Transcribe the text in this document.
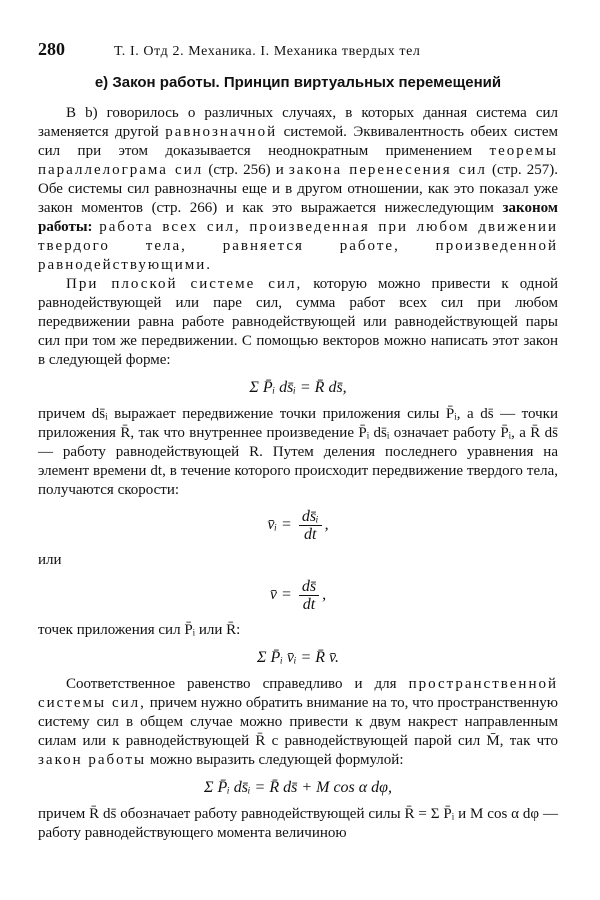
280	Т. I. Отд 2. Механика. I. Механика твердых тел
е) Закон работы. Принцип виртуальных перемещений

В b) говорилось о различных случаях, в которых данная система сил заменяется другой равнозначной системой. Эквивалентность обеих систем сил при этом доказывается неоднократным применением теоремы параллелограма сил (стр. 256) и закона перенесения сил (стр. 257). Обе системы сил равнозначны еще и в другом отношении, как это показал уже закон моментов (стр. 266) и как это выражается нижеследующим законом работы: работа всех сил, произведенная при любом движении твердого тела, равняется работе, произведенной равнодействующими.

При плоской системе сил, которую можно привести к одной равнодействующей или паре сил, сумма работ всех сил при любом передвижении равна работе равнодействующей или равнодействующей пары сил при том же передвижении. С помощью векторов можно написать этот закон в следующей форме:

Σ P̄ᵢ ds̄ᵢ = R̄ ds̄,

причем ds̄ᵢ выражает передвижение точки приложения силы P̄ᵢ, а ds̄ — точки приложения R̄, так что внутреннее произведение P̄ᵢ ds̄ᵢ означает работу P̄ᵢ, а R̄ ds̄ — работу равнодействующей R. Путем деления последнего уравнения на элемент времени dt, в течение которого происходит передвижение твердого тела, получаются скорости:

v̄ᵢ = $\frac{\text{ds̄ᵢ}}{dt}$ ,

или

v̄ = $\frac{ds̄}{dt}$ ,

точек приложения сил P̄ᵢ или R̄:

Σ P̄ᵢ v̄ᵢ = R̄ v̄.

Соответственное равенство справедливо и для пространственной системы сил, причем нужно обратить внимание на то, что пространственную систему сил в общем случае можно привести к двум накрест направленным силам или к равнодействующей R̄ с равнодействующей парой сил M̄, так что закон работы можно выразить следующей формулой:

Σ P̄ᵢ ds̄ᵢ = R̄ ds̄ + M cos α dφ,

причем R̄ ds̄ обозначает работу равнодействующей силы R̄ = Σ P̄ᵢ и M cos α dφ — работу равнодействующего момента величиною
